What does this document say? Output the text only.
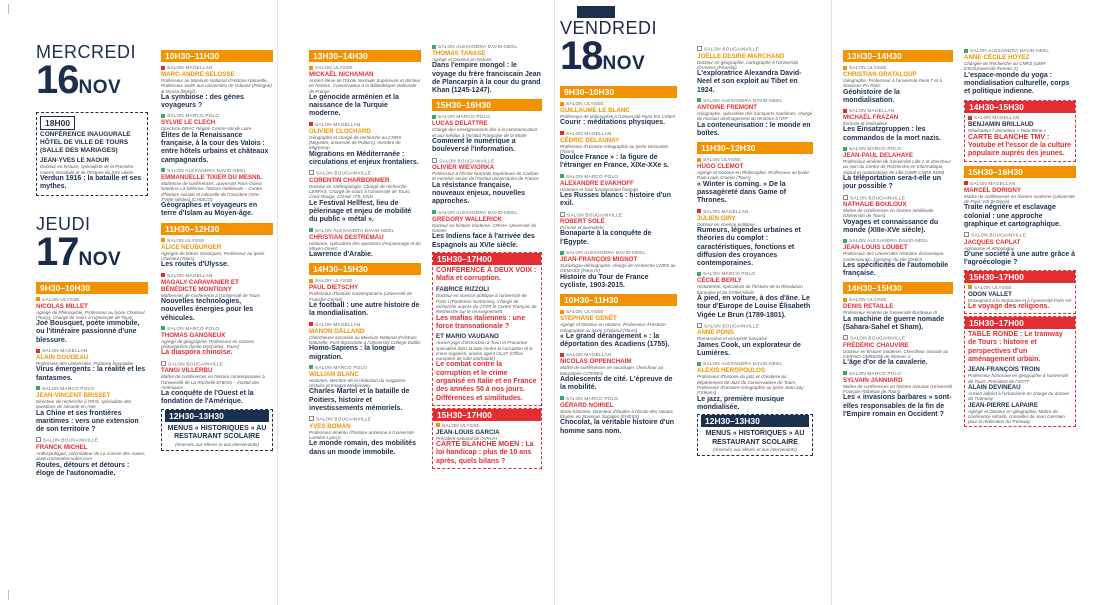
MERCREDI
16NOV
18H00
CONFÉRENCE INAUGURALE HÔTEL DE VILLE DE TOURS (SALLE DES MARIAGES)
JEAN-YVES LE NAOUR
Docteur en histoire, spécialiste de la Première Guerre mondiale et de l'histoire du XXe siècle
Verdun 1916 : la bataille et ses mythes.
JEUDI
17NOV
9H30–10H30
SALON ULYSSE
NICOLAS MILLET
Agrégé de Philosophie, Professeur au lycée Choiseul (Tours), Chargé de cours à l'université de Tours
Joé Bousquet, poète immobile, ou l'itinéraire passionné d'une blessure.
SALON MAGELLAN
ALAIN GOUDEAU
Professeur des Universités, Praticien hospitalier
Virus émergents : la réalité et les fantasmes.
SALON MARCO POLO
JEAN-VINCENT BRISSET
Directeur de recherche à l'IRIS, spécialiste des questions de sécurité en Asie
La Chine et ses frontières maritimes : vers une extension de son territoire ?
SALON BOUGAINVILLE
FRANCK MICHEL
Anthropologue, cofondateur de La croisée des routes, www.croiseedesroutes.com
Routes, détours et détours : éloge de l'autonomadie.
10H30–11H30
SALON MAGELLAN
MARC-ANDRÉ SELOSSE
Professeur au Muséum National d'Histoire Naturelle, Professeur invité aux universités de Gdansk (Pologne) & Viçosa (Brésil)
La symbiose : des gènes voyageurs ?
SALON MARCO POLO
SYLVIE LE CLECH
Directrice DRAC Région Centre-Val de Loire
Élites de la Renaissance française, à la cour des Valois : entre hôtels urbains et châteaux campagnards.
SALON ALEXANDRA DAVID-NEEL
EMMANUELLE TIXIER DU MESNIL
Maîtresse de conférences, université Paris-Ouest Nanterre La Défense, histoire médiévale – Centre d'histoire sociale et culturelle de l'Occident (XIIe–XVIIIe siècles) (CHISCO)
Géographes et voyageurs en terre d'Islam au Moyen-âge.
11H30–12H30
SALON ULYSSE
ALICE NEUBURGER
Agrégée de lettres classiques, Professeur au lycée Choiseul (Tours)
Les routes d'Ulysse.
SALON MAGELLAN
MAGALY CARAVANIER ET BÉNÉDICTE MONTIGNY
Maîtresses de conférence à l'Université de Tours
Nouvelles technologies, nouvelles énergies pour les véhicules.
SALON MARCO POLO
THOMAS GANGNEUX
Agrégé de géographie, Professeur en classes préparatoires (lycée Descartes, Tours)
La diaspora chinoise.
SALON BOUGAINVILLE
TANGI VILLERBU
Maître de conférences en histoire contemporaine à l'Université de La Rochelle EHESS – Institut des Amériques
La conquête de l'Ouest et la fondation de l'Amérique.
12H30–13H30
MENUS « HISTORIQUES » AU RESTAURANT SCOLAIRE
(réservés aux élèves et aux intervenants)
13H30–14H30
SALON ULYSSE
MICKAËL NICHANIAN
Ancien élève de l'École Normale Supérieure et docteur en histoire, Conservateur à la Bibliothèque Nationale de France
Le génocide arménien et la naissance de la Turquie moderne.
SALON MAGELLAN
OLIVIER CLOCHARD
Géographe et chargé de recherche au CNRS (Migrinter, université de Poitiers), membre de Migreurop
Migrations en Méditerranée : circulations et enjeux frontaliers.
SALON BOUGAINVILLE
CORENTIN CHARBONNIER
Docteur en Anthropologie, Chargé de recherche LERFAS, Chargé de cours à l'Université de Tours, Croix Rouge, CNAM, ITS, CNU
Le Festival Hellfest, lieu de pèlerinage et enjeu de mobilité du public « métal ».
SALON ALEXANDRA DAVID-NEEL
CHRISTIAN DESTREMAU
Historien, spécialiste des questions d'espionnage et du Moyen-Orient
Lawrence d'Arabie.
14H30–15H30
SALON ULYSSE
PAUL DIETSCHY
Professeur d'histoire contemporaine (Université de Franche-Comté)
Le football : une autre histoire de la mondialisation.
SALON MAGELLAN
MANON GALLAND
Chercheuse associée au Muséum National d'Histoire Naturelle, Post-doctorante à l'University College Dublin
Homo-Sapiens : la longue migration.
SALON MARCO POLO
WILLIAM BLANC
Historien, Membre de la rédaction du magazine Histoire et Images Médiévales
Charles Martel et la bataille de Poitiers, histoire et investissements mémoriels.
SALON BOUGAINVILLE
YVES BOMAN
Professeur émérite d'histoire ancienne à l'université Lumière Lyon II
Le monde romain, des mobilités dans un monde immobile.
SALON ALEXANDRA DAVID-NEEL
THOMAS TANASE
Agrégé et Docteur en histoire
Dans l'empire mongol : le voyage du frère franciscain Jean de Plancarpin à la cour du grand Khan (1245-1247).
15H30–16H30
SALON MARCO POLO
LUCAS DELATTRE
Chargé des enseignements liés à la communication et aux médias à l'Institut Française de la Mode
Comment le numérique a bouleversé l'information.
SALON BOUGAINVILLE
OLIVIER WIEVIORKA
Professeur à l'École Normale Supérieure de Cachan et membre senior de l'Institut universitaire de France
La résistance française, nouveaux enjeux, nouvelles approches.
SALON ALEXANDRA DAVID-NEEL
GREGORY WALLERICK
Docteur en histoire moderne, CRHIA–Université de Nantes
Les Indiens face à l'arrivée des Espagnols au XVIe siècle.
15H30–17H00
CONFÉRENCE À DEUX VOIX : Mafia et corruption.
FABRICE RIZZOLI
Docteur en science politique à l'université de Paris I (Panthéon-Sorbonne), Chargé de recherche auprès du CF2R le Centre Français de Recherche sur le renseignement
Les mafias italiennes : une force transnationale ?
ET MARIO VAUDANO
Ancien juge d'instruction à Turin et Procureur spécialisé dans la lutte contre la corruption et le crime organisé, ancien agent OLAF (Office européen de lutte antifraude)
Le combat contre la corruption et le crime organisé en Italie et en France des années 50 à nos jours. Différences et similitudes.
15H30–17H00
SALON ULYSSE
JEAN-LOUIS GARCIA
Président national de l'APAJH
CARTE BLANCHE MGEN : La loi handicap : plus de 10 ans après, quels bilans ?
VENDREDI
18NOV
9H30–10H30
SALON ULYSSE
GUILLAUME LE BLANC
Professeur de philosophie à l'Université Paris Est Créteil
Courir : méditations physiques.
SALON MAGELLAN
CÉDRIC DELAUNAY
Professeur d'Histoire-Géographie au lycée Descartes (Tours)
Doulce France » : la figure de l'étranger en France, XIXe-XXe s.
SALON MARCO POLO
ALEXANDRE EVAKHOFF
Historien et haut fonctionnaire français
Les Russes blancs : histoire d'un exil.
SALON BOUGAINVILLE
ROBERT SOLÉ
Écrivain et journaliste
Bonaparte à la conquête de l'Égypte.
SALON ALEXANDRA DAVID-NEEL
JEAN-FRANÇOIS MIGNOT
Sociologue-démographe, chargé de recherche CNRS au GEMASS (Paris IV)
Histoire du Tour de France cycliste, 1903-2015.
10H30–11H30
SALON ULYSSE
STÉPHANE GENÊT
Agrégé et Docteur en Histoire, Professeur d'Histoire-Géographie au lycée Choiseul (Tours)
« Le grand dérangement » : la déportation des Acadiens (1755).
SALON MAGELLAN
NICOLAS OPPENCHAIM
Maître de conférences en sociologie, chercheur au laboratoire CITERES
Adolescents de cité. L'épreuve de la mobilité.
SALON MARCO POLO
GÉRARD NOIRIEL
Socio-historien. Directeur d'études à l'École des Hautes Études en Sciences Sociales (EHESS)
Chocolat, la véritable histoire d'un homme sans nom.
SALON BOUGAINVILLE
JOËLLE DESIRE-MARCHAND
Docteur en géographie, cartographe à l'Université d'Amiens (Picardie)
L'exploratrice Alexandra David-Neel et son exploit au Tibet en 1924.
SALON ALEXANDRA DAVID-NEEL
ANTOINE FREMONT
Géographe, spécialiste des transports maritimes, chargé de mission aménagement du territoire à l'IFF
La conteneurisation : le monde en boîtes.
11H30–12H30
SALON ULYSSE
HUGO CLEMOT
Agrégé et Docteur en Philosophie, Professeur au lycée Paul-Louis Courier (Tours)
« Winter is coming. » De la passagèreté dans Game of Thrones.
SALON MAGELLAN
JULIEN GIRY
Docteur en science politique
Rumeurs, légendes urbaines et théories du complot : caractéristiques, fonctions et diffusion des croyances contemporaines.
SALON MARCO POLO
CÉCILE BERLY
Historienne, spécialiste de l'histoire de la Révolution française et du XVIIIe siècle
À pied, en voiture, à dos d'âne. Le tour d'Europe de Louise Élisabeth Vigée Le Brun (1789-1801).
SALON BOUGAINVILLE
ANNE PONS
Romancière et essayiste française
James Cook, un explorateur de Lumières.
SALON ALEXANDRA DAVID-NEEL
ALEXIS HEROPOULOS
Professeur d'histoire du jazz et d'analyse au département de Jazz du Conservatoire de Tours, Professeur d'Histoire-Géographie au lycée Jean Zay (Orléans)
Le jazz, première musique mondialisée.
12H30–13H30
MENUS « HISTORIQUES » AU RESTAURANT SCOLAIRE
(réservés aux élèves et aux intervenants)
13H30–14H30
SALON ULYSSE
CHRISTIAN GRATALOUP
Géographe, Professeur à l'université Paris 7 et à Sciences-Po Paris
Géohistoire de la mondialisation.
SALON MAGELLAN
MICHAËL FRAZAN
Écrivain et réalisateur
Les Einsatzgruppen : les commandos de la mort nazis.
SALON MARCO POLO
JEAN-PAUL DELAHAYE
Professeur émérite de l'université Lille 1 et chercheur au sein du Centre de Recherche en Informatique, Signal et Automatique de Lille (UMR CNRS 9189)
La téléportation sera-t-elle un jour possible ?
SALON BOUGAINVILLE
NATHALIE BOULOUX
Maître de conférences en histoire médiévale (Université de Tours)
Voyages et connaissance du monde (XIIIe-XVe siècle).
SALON ALEXANDRA DAVID-NEEL
JEAN-LOUIS LOUBET
Professeur des Universités Historien économique contemporain, Directeur du site IDHES
Les spécificités de l'automobile française.
14H30–15H30
SALON ULYSSE
DENIS RETAILLE
Professeur émérite de l'université Bordeaux III
La machine de guerre nomade (Sahara-Sahel et Sham).
SALON BOUGAINVILLE
FRÉDÉRIC CHAUVIRE
Docteur en histoire moderne, Chercheur associé au CERHIO-UMR6258 de Rennes 2
L'âge d'or de la cavalerie.
SALON MARCO POLO
SYLVAIN JANNIARD
Maître de conférences en histoire romaine (Université François-Rabelais de Tours)
Les « invasions barbares » sont-elles responsables de la fin de l'Empire romain en Occident ?
SALON ALEXANDRA DAVID-NEEL
ANNE-CÉCILE HOYEZ
Chargée de Recherche au CNRS (UMR ESO/Université Rennes 2)
L'espace-monde du yoga : mondialisation culturelle, corps et politique indienne.
14H30–15H30
SALON MAGELLAN
BENJAMIN BRILLAUD
Réalisateur / animateur « Nota Bene »
CARTE BLANCHE TMV : Youtube et l'essor de la culture populaire auprès des jeunes.
15H30–16H30
SALON MAGELLAN
MARCEL DORIGNY
Maître de conférences en histoire moderne (Université de Paris VIII St-Denis)
Traite négrière et esclavage colonial : une approche graphique et cartographique.
SALON BOUGAINVILLE
JACQUES CAPLAT
Agronome et ethnologue
D'une société à une autre grâce à l'agroécologie ?
15H30–17H00
SALON ULYSSE
ODON VALLET
Enseignant à la Sorbonne et à l'université Paris-VII
Le voyage des religions.
15H30–17H00
TABLE RONDE : Le tramway de Tours : histoire et perspectives d'un aménagement urbain.
JEAN-FRANÇOIS TROIN
Professeur honoraire en géographie à l'université de Tours, Président de l'ADTT
ALAIN DEVINEAU
Ancien adjoint à l'urbanisme en charge du dossier du Tramway
JEAN-PIERRE LAPAIRE
Agrégé et Docteur en géographie, Maître de conférence retraité, conseiller de Jean Germain pour la réalisation du Tramway
